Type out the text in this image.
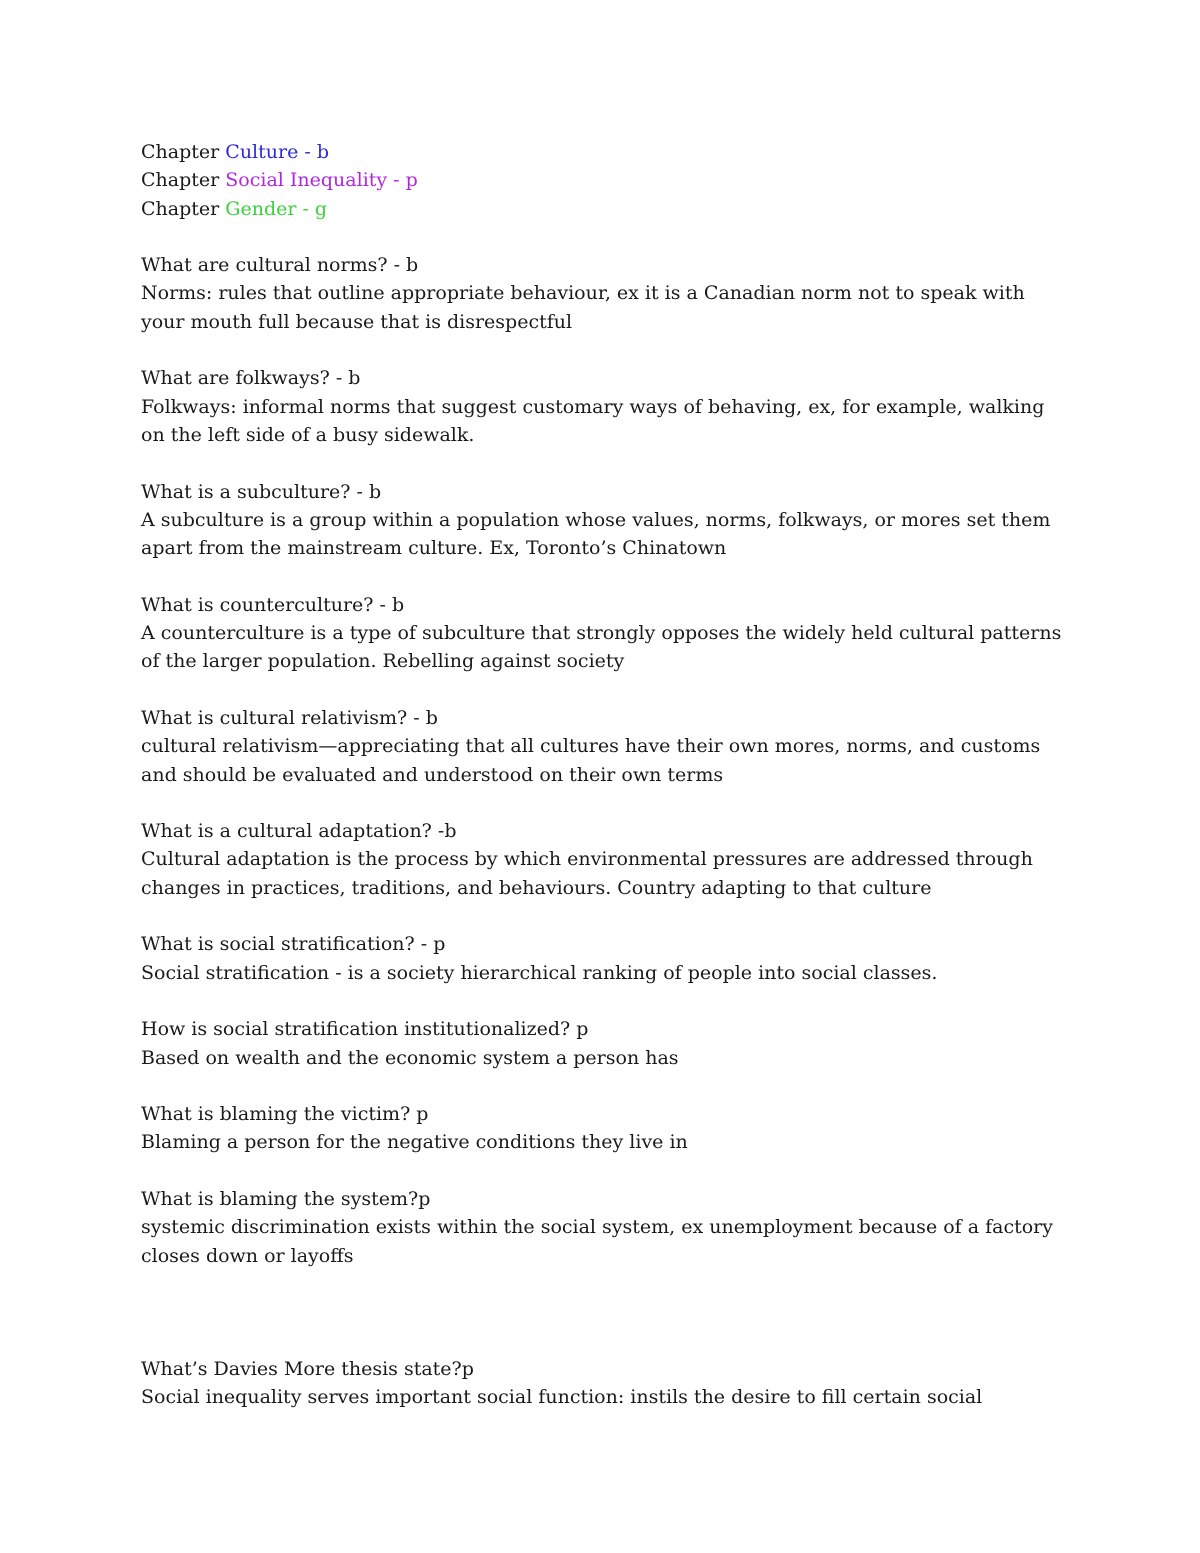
Chapter Culture - b

Chapter Social Inequality - p

Chapter Gender - g

What are cultural norms? - b

Norms: rules that outline appropriate behaviour, ex it is a Canadian norm not to speak with your mouth full because that is disrespectful

What are folkways? - b

Folkways: informal norms that suggest customary ways of behaving, ex, for example, walking on the left side of a busy sidewalk.

What is a subculture? - b

A subculture is a group within a population whose values, norms, folkways, or mores set them apart from the mainstream culture. Ex, Toronto’s Chinatown

What is counterculture? - b

A counterculture is a type of subculture that strongly opposes the widely held cultural patterns of the larger population. Rebelling against society

What is cultural relativism? - b

cultural relativism—appreciating that all cultures have their own mores, norms, and customs and should be evaluated and understood on their own terms

What is a cultural adaptation? -b

Cultural adaptation is the process by which environmental pressures are addressed through changes in practices, traditions, and behaviours. Country adapting to that culture

What is social stratification? - p

Social stratification - is a society hierarchical ranking of people into social classes.

How is social stratification institutionalized? p

Based on wealth and the economic system a person has

What is blaming the victim? p

Blaming a person for the negative conditions they live in

What is blaming the system?p

systemic discrimination exists within the social system, ex unemployment because of a factory closes down or layoffs

What’s Davies More thesis state?p

Social inequality serves important social function: instils the desire to fill certain social
